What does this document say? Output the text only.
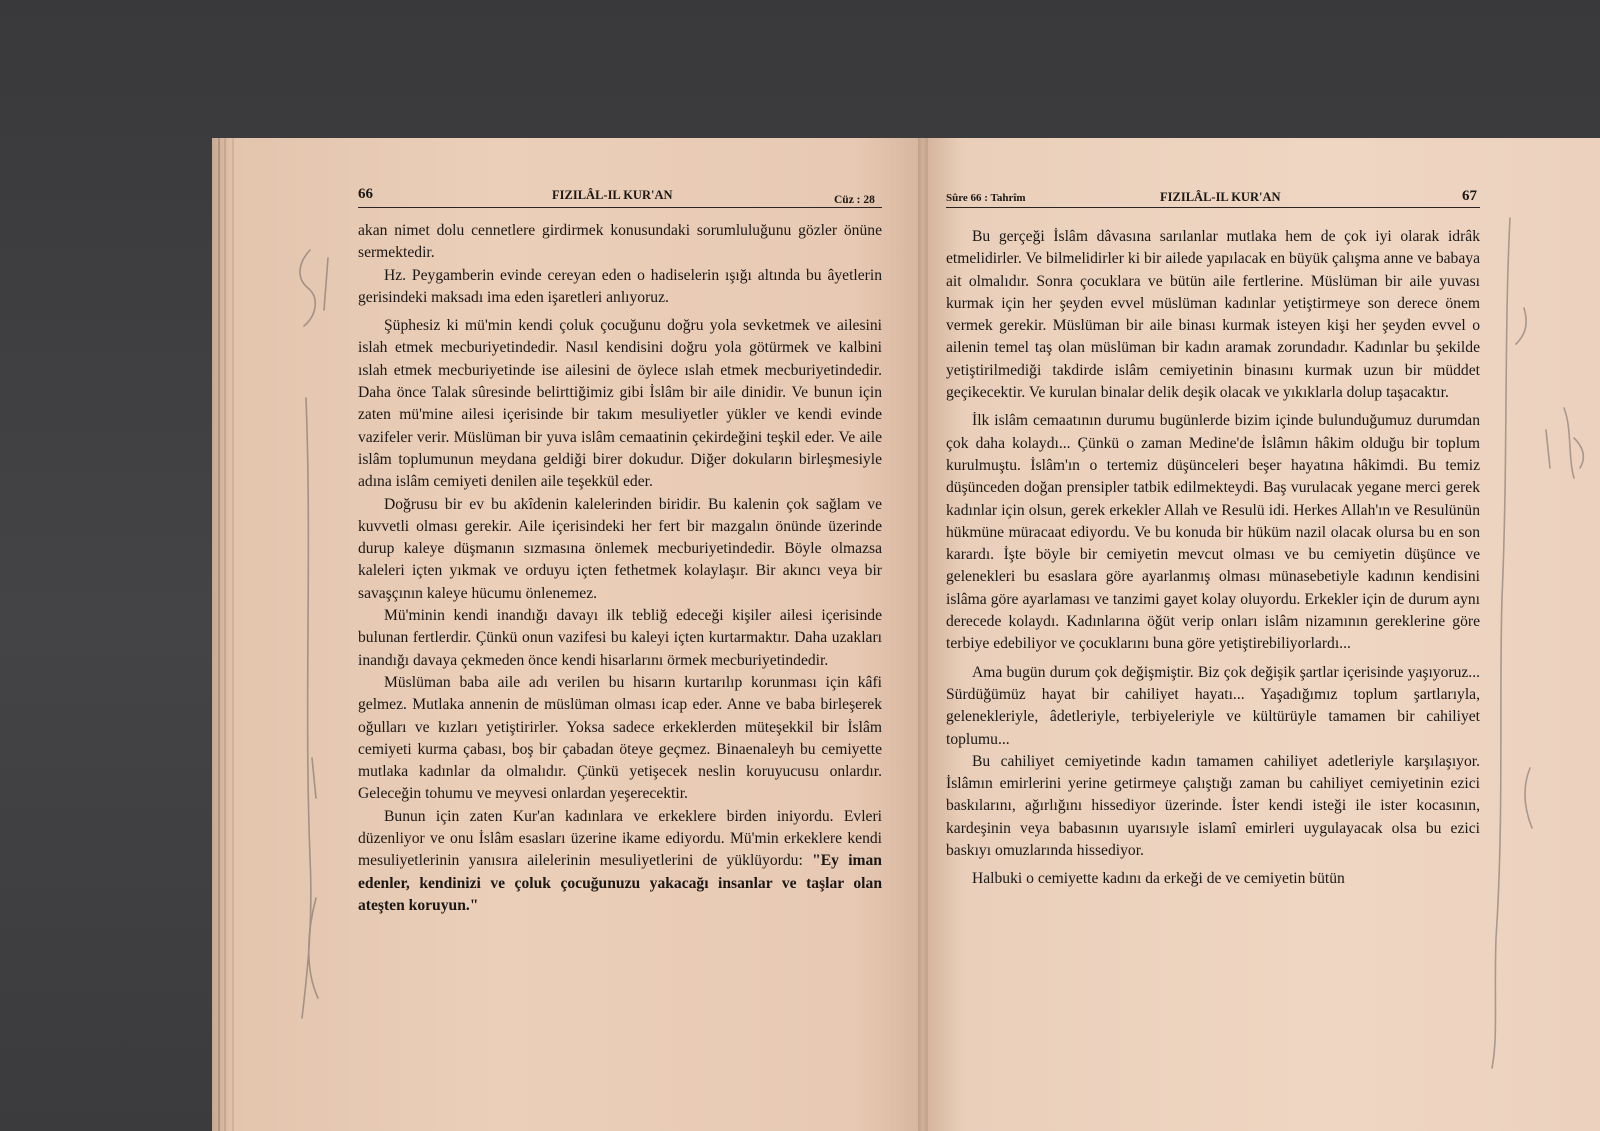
66	FIZILÂL-IL KUR'AN	Cüz : 28

akan nimet dolu cennetlere girdirmek konusundaki sorumluluğunu gözler önüne sermektedir.

Hz. Peygamberin evinde cereyan eden o hadiselerin ışığı altında bu âyetlerin gerisindeki maksadı ima eden işaretleri anlıyoruz.

Şüphesiz ki mü'min kendi çoluk çocuğunu doğru yola sevketmek ve ailesini islah etmek mecburiyetindedir. Nasıl kendisini doğru yola götürmek ve kalbini ıslah etmek mecburiyetinde ise ailesini de öylece ıslah etmek mecburiyetindedir. Daha önce Talak sûresinde belirttiğimiz gibi İslâm bir aile dinidir. Ve bunun için zaten mü'mine ailesi içerisinde bir takım mesuliyetler yükler ve kendi evinde vazifeler verir. Müslüman bir yuva islâm cemaatinin çekirdeğini teşkil eder. Ve aile islâm toplumunun meydana geldiği birer dokudur. Diğer dokuların birleşmesiyle adına islâm cemiyeti denilen aile teşekkül eder.

Doğrusu bir ev bu akîdenin kalelerinden biridir. Bu kalenin çok sağlam ve kuvvetli olması gerekir. Aile içerisindeki her fert bir mazgalın önünde üzerinde durup kaleye düşmanın sızmasına önlemek mecburiyetindedir. Böyle olmazsa kaleleri içten yıkmak ve orduyu içten fethetmek kolaylaşır. Bir akıncı veya bir savaşçının kaleye hücumu önlenemez.

Mü'minin kendi inandığı davayı ilk tebliğ edeceği kişiler ailesi içerisinde bulunan fertlerdir. Çünkü onun vazifesi bu kaleyi içten kurtarmaktır. Daha uzakları inandığı davaya çekmeden önce kendi hisarlarını örmek mecburiyetindedir.

Müslüman baba aile adı verilen bu hisarın kurtarılıp korunması için kâfi gelmez. Mutlaka annenin de müslüman olması icap eder. Anne ve baba birleşerek oğulları ve kızları yetiştirirler. Yoksa sadece erkeklerden müteşekkil bir İslâm cemiyeti kurma çabası, boş bir çabadan öteye geçmez. Binaenaleyh bu cemiyette mutlaka kadınlar da olmalıdır. Çünkü yetişecek neslin koruyucusu onlardır. Geleceğin tohumu ve meyvesi onlardan yeşerecektir.

Bunun için zaten Kur'an kadınlara ve erkeklere birden iniyordu. Evleri düzenliyor ve onu İslâm esasları üzerine ikame ediyordu. Mü'min erkeklere kendi mesuliyetlerinin yanısıra ailelerinin mesuliyetlerini de yüklüyordu: "Ey iman edenler, kendinizi ve çoluk çocuğunuzu yakacağı insanlar ve taşlar olan ateşten koruyun."

Sûre 66 : Tahrîm	FIZILÂL-IL KUR'AN	67

Bu gerçeği İslâm dâvasına sarılanlar mutlaka hem de çok iyi olarak idrâk etmelidirler. Ve bilmelidirler ki bir ailede yapılacak en büyük çalışma anne ve babaya ait olmalıdır. Sonra çocuklara ve bütün aile fertlerine. Müslüman bir aile yuvası kurmak için her şeyden evvel müslüman kadınlar yetiştirmeye son derece önem vermek gerekir. Müslüman bir aile binası kurmak isteyen kişi her şeyden evvel o ailenin temel taş olan müslüman bir kadın aramak zorundadır. Kadınlar bu şekilde yetiştirilmediği takdirde islâm cemiyetinin binasını kurmak uzun bir müddet geçikecektir. Ve kurulan binalar delik deşik olacak ve yıkıklarla dolup taşacaktır.

İlk islâm cemaatının durumu bugünlerde bizim içinde bulunduğumuz durumdan çok daha kolaydı... Çünkü o zaman Medine'de İslâmın hâkim olduğu bir toplum kurulmuştu. İslâm'ın o tertemiz düşünceleri beşer hayatına hâkimdi. Bu temiz düşünceden doğan prensipler tatbik edilmekteydi. Baş vurulacak yegane merci gerek kadınlar için olsun, gerek erkekler Allah ve Resulü idi. Herkes Allah'ın ve Resulünün hükmüne müracaat ediyordu. Ve bu konuda bir hüküm nazil olacak olursa bu en son karardı. İşte böyle bir cemiyetin mevcut olması ve bu cemiyetin düşünce ve gelenekleri bu esaslara göre ayarlanmış olması münasebetiyle kadının kendisini islâma göre ayarlaması ve tanzimi gayet kolay oluyordu. Erkekler için de durum aynı derecede kolaydı. Kadınlarına öğüt verip onları islâm nizamının gereklerine göre terbiye edebiliyor ve çocuklarını buna göre yetiştirebiliyorlardı...

Ama bugün durum çok değişmiştir. Biz çok değişik şartlar içerisinde yaşıyoruz... Sürdüğümüz hayat bir cahiliyet hayatı... Yaşadığımız toplum şartlarıyla, gelenekleriyle, âdetleriyle, terbiyeleriyle ve kültürüyle tamamen bir cahiliyet toplumu...

Bu cahiliyet cemiyetinde kadın tamamen cahiliyet adetleriyle karşılaşıyor. İslâmın emirlerini yerine getirmeye çalıştığı zaman bu cahiliyet cemiyetinin ezici baskılarını, ağırlığını hissediyor üzerinde. İster kendi isteği ile ister kocasının, kardeşinin veya babasının uyarısıyle islamî emirleri uygulayacak olsa bu ezici baskıyı omuzlarında hissediyor.

Halbuki o cemiyette kadını da erkeği de ve cemiyetin bütün
